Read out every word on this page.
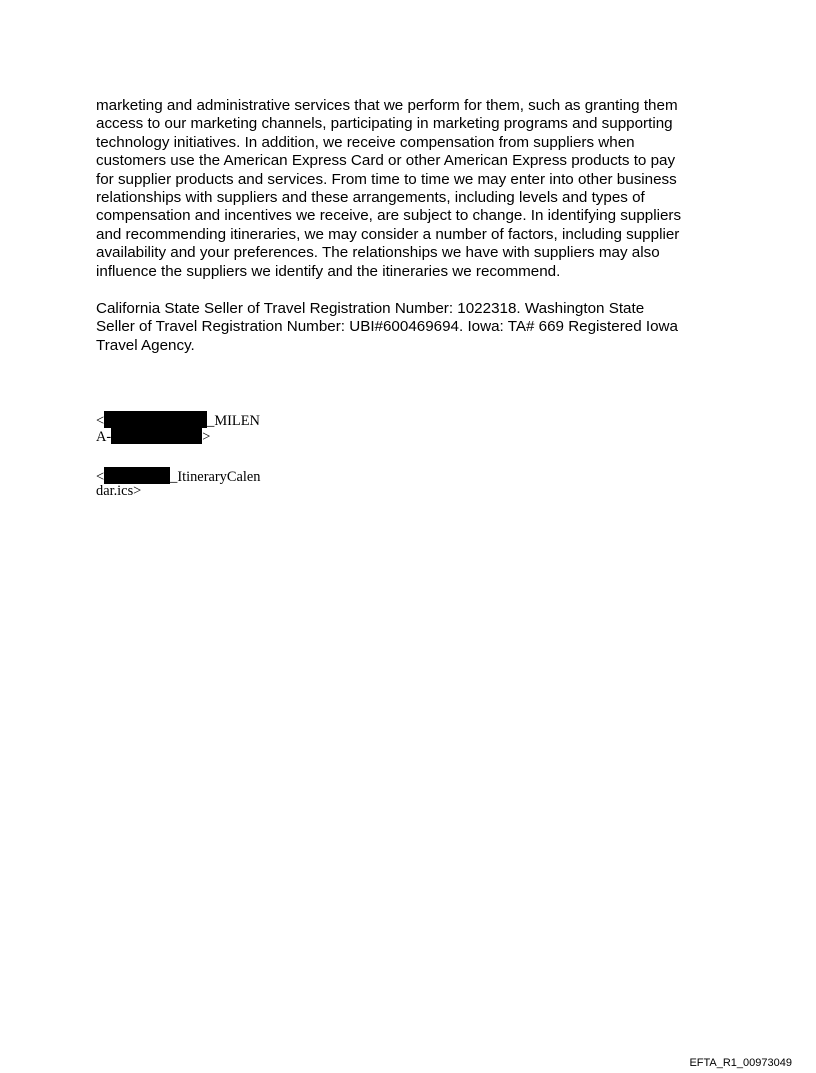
marketing and administrative services that we perform for them, such as granting them
access to our marketing channels, participating in marketing programs and supporting
technology initiatives. In addition, we receive compensation from suppliers when
customers use the American Express Card or other American Express products to pay
for supplier products and services. From time to time we may enter into other business
relationships with suppliers and these arrangements, including levels and types of
compensation and incentives we receive, are subject to change. In identifying suppliers
and recommending itineraries, we may consider a number of factors, including supplier
availability and your preferences. The relationships we have with suppliers may also
influence the suppliers we identify and the itineraries we recommend.

California State Seller of Travel Registration Number: 1022318. Washington State
Seller of Travel Registration Number: UBI#600469694. Iowa: TA# 669 Registered Iowa
Travel Agency.

<	_MILEN
A-	>
<	_ItineraryCalen
dar.ics>
EFTA_R1_00973049
